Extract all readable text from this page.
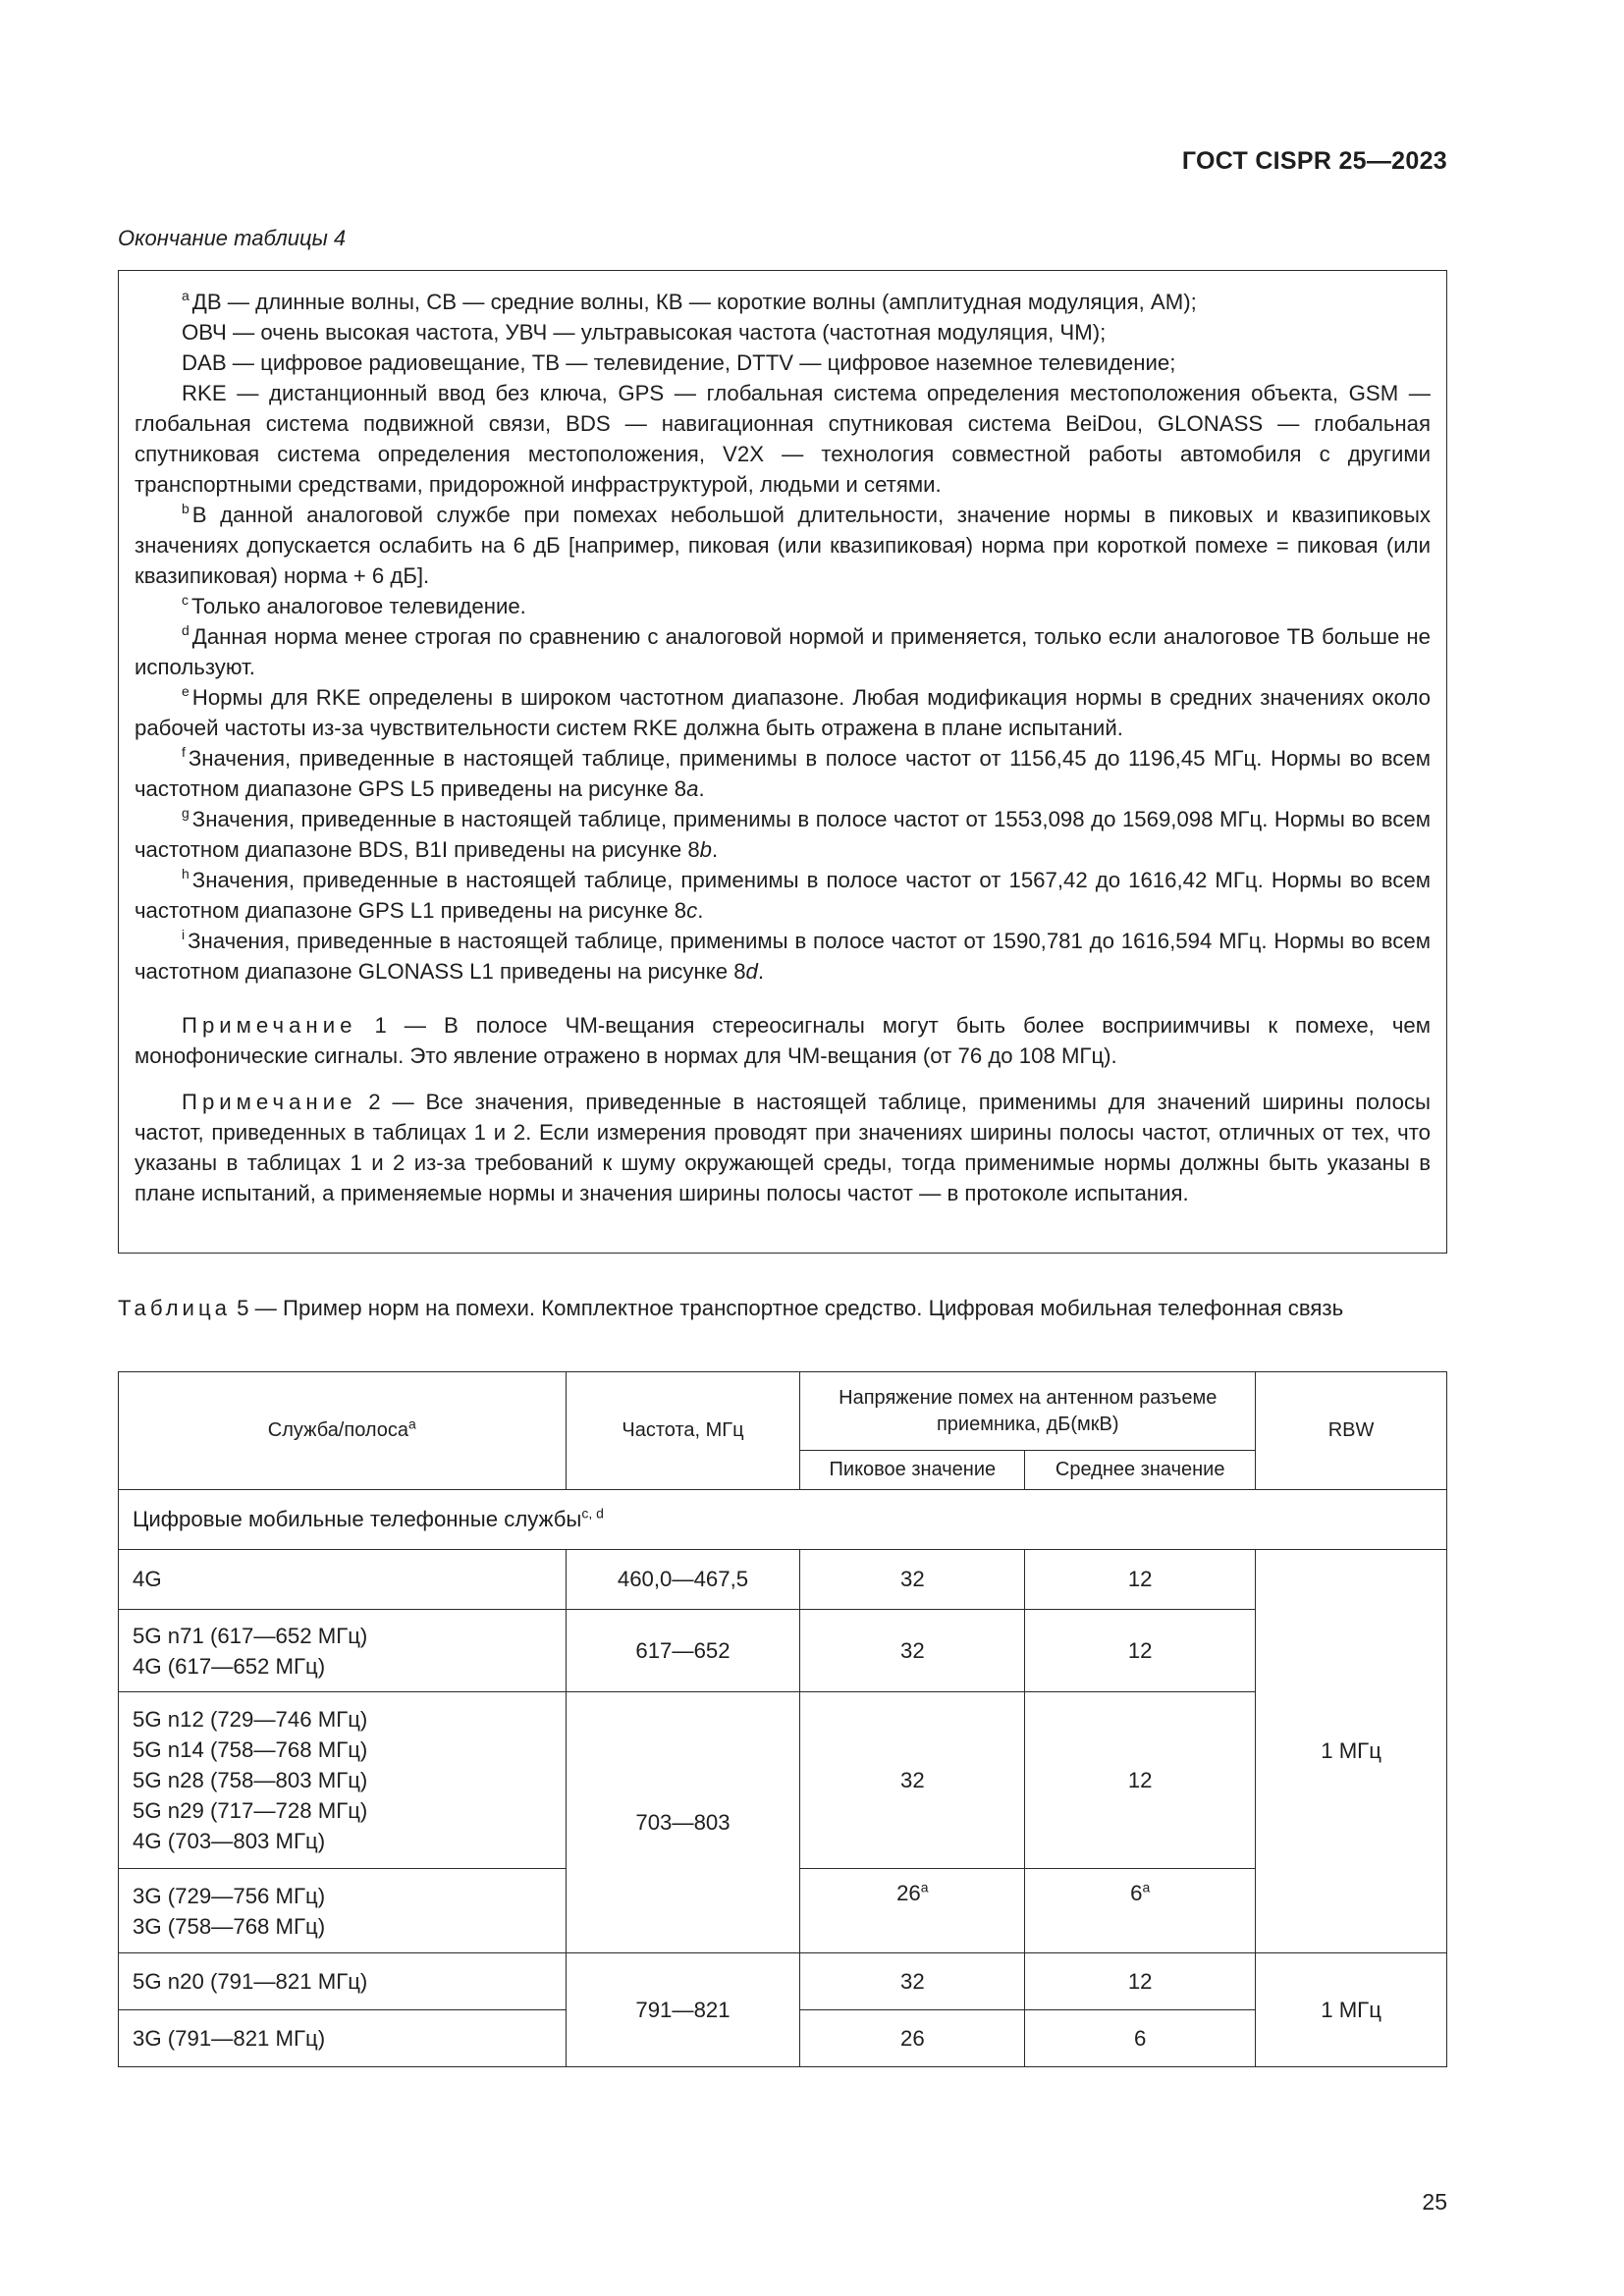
ГОСТ CISPR 25—2023
Окончание таблицы 4

$^a$ ДВ — длинные волны, СВ — средние волны, КВ — короткие волны (амплитудная модуляция, АМ);

ОВЧ — очень высокая частота, УВЧ — ультравысокая частота (частотная модуляция, ЧМ);

DAB — цифровое радиовещание, ТВ — телевидение, DTTV — цифровое наземное телевидение;

RKE — дистанционный ввод без ключа, GPS — глобальная система определения местоположения объекта, GSM — глобальная система подвижной связи, BDS — навигационная спутниковая система BeiDou, GLONASS — глобальная спутниковая система определения местоположения, V2X — технология совместной работы автомобиля с другими транспортными средствами, придорожной инфраструктурой, людьми и сетями.

$^b$ В данной аналоговой службе при помехах небольшой длительности, значение нормы в пиковых и квазипиковых значениях допускается ослабить на 6 дБ [например, пиковая (или квазипиковая) норма при короткой помехе = пиковая (или квазипиковая) норма + 6 дБ].

$^c$ Только аналоговое телевидение.

$^d$ Данная норма менее строгая по сравнению с аналоговой нормой и применяется, только если аналоговое ТВ больше не используют.

$^e$ Нормы для RKE определены в широком частотном диапазоне. Любая модификация нормы в средних значениях около рабочей частоты из-за чувствительности систем RKE должна быть отражена в плане испытаний.

$^f$ Значения, приведенные в настоящей таблице, применимы в полосе частот от 1156,45 до 1196,45 МГц. Нормы во всем частотном диапазоне GPS L5 приведены на рисунке 8a.

$^g$ Значения, приведенные в настоящей таблице, применимы в полосе частот от 1553,098 до 1569,098 МГц. Нормы во всем частотном диапазоне BDS, B1I приведены на рисунке 8b.

$^h$ Значения, приведенные в настоящей таблице, применимы в полосе частот от 1567,42 до 1616,42 МГц. Нормы во всем частотном диапазоне GPS L1 приведены на рисунке 8c.

$^i$ Значения, приведенные в настоящей таблице, применимы в полосе частот от 1590,781 до 1616,594 МГц. Нормы во всем частотном диапазоне GLONASS L1 приведены на рисунке 8d.

Примечание 1 — В полосе ЧМ-вещания стереосигналы могут быть более восприимчивы к помехе, чем монофонические сигналы. Это явление отражено в нормах для ЧМ-вещания (от 76 до 108 МГц).

Примечание 2 — Все значения, приведенные в настоящей таблице, применимы для значений ширины полосы частот, приведенных в таблицах 1 и 2. Если измерения проводят при значениях ширины полосы частот, отличных от тех, что указаны в таблицах 1 и 2 из-за требований к шуму окружающей среды, тогда применимые нормы должны быть указаны в плане испытаний, а применяемые нормы и значения ширины полосы частот — в протоколе испытания.

Таблица 5 — Пример норм на помехи. Комплектное транспортное средство. Цифровая мобильная телефонная связь
Служба/полоса$^a$	Частота, МГц	Напряжение помех на антенном разъеме приемника, дБ(мкВ)		RBW
		Пиковое значение	Среднее значение	
Цифровые мобильные телефонные службы$^{c, d}$
4G	460,0—467,5	32	12	1 МГц

5G n71 (617—652 МГц)
4G (617—652 МГц)	617—652	32	12	

5G n12 (729—746 МГц)
5G n14 (758—768 МГц)
5G n28 (758—803 МГц)
5G n29 (717—728 МГц)
4G (703—803 МГц)	703—803	32	12	

3G (729—756 МГц)
3G (758—768 МГц)		26$^a$	6$^a$
5G n20 (791—821 МГц)	791—821	32	12	1 МГц
3G (791—821 МГц)		26	6	
25
